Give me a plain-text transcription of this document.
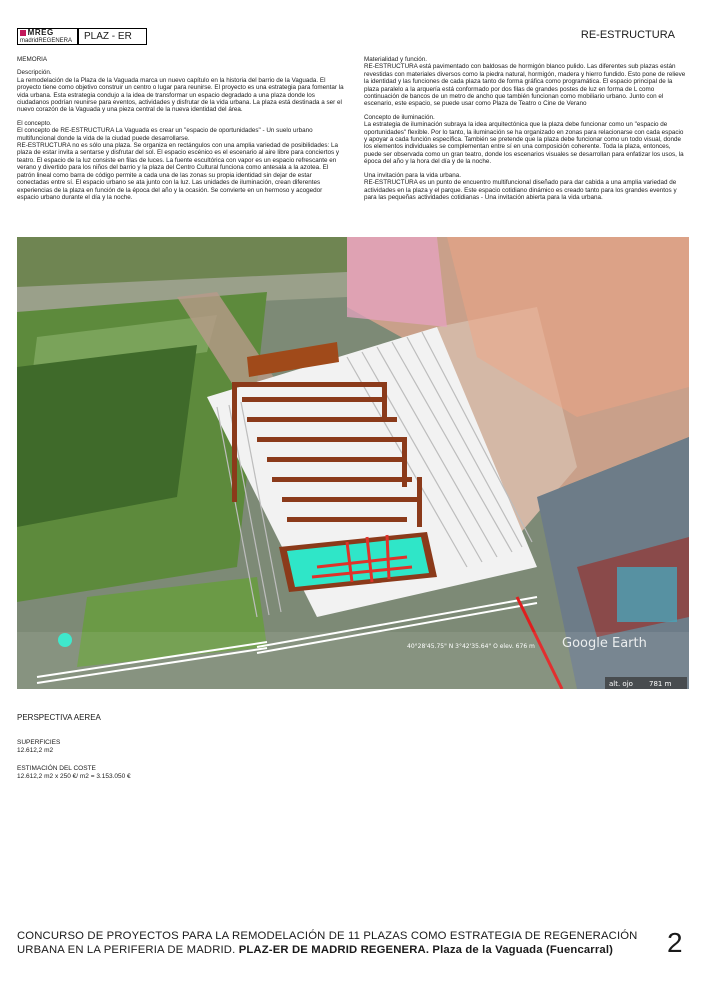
MREG
madridREGENERA	PLAZ - ER	RE-ESTRUCTURA

MEMORIA

Descripción.
La remodelación de la Plaza de la Vaguada marca un nuevo capítulo en la historia del barrio de la Vaguada. El proyecto tiene como objetivo construir un centro o lugar para reunirse. El proyecto es una estrategia para fomentar la vida urbana. Esta estrategia condujo a la idea de transformar un espacio degradado a una plaza donde los ciudadanos podrían reunirse para eventos, actividades y disfrutar de la vida urbana. La plaza está destinada a ser el nuevo corazón de la Vaguada y una pieza central de la nueva identidad del área.

El concepto.
El concepto de RE-ESTRUCTURA La Vaguada es crear un "espacio de oportunidades" - Un suelo urbano multifuncional donde la vida de la ciudad puede desarrollarse.
RE-ESTRUCTURA no es sólo una plaza. Se organiza en rectángulos con una amplia variedad de posibilidades: La plaza de estar invita a sentarse y disfrutar del sol. El espacio escénico es el escenario al aire libre para conciertos y teatro. El espacio de la luz consiste en filas de luces. La fuente escultórica con vapor es un espacio refrescante en verano y divertido para los niños del barrio y la plaza del Centro Cultural funciona como antesala a la azotea. El patrón lineal como barra de código permite a cada una de las zonas su propia identidad sin dejar de estar conectadas entre sí. El espacio urbano se ata junto con la luz. Las unidades de iluminación, crean diferentes experiencias de la plaza en función de la época del año y la ocasión. Se convierte en un hermoso y acogedor espacio urbano durante el día y la noche.

Materialidad y función.
RE-ESTRUCTURA está pavimentado con baldosas de hormigón blanco pulido. Las diferentes sub plazas están revestidas con materiales diversos como la piedra natural, hormigón, madera y hierro fundido. Esto pone de relieve la identidad y las funciones de cada plaza tanto de forma gráfica como programática. El espacio principal de la plaza paralelo a la arquería está conformado por dos filas de grandes postes de luz en forma de L como continuación de bancos de un metro de ancho que también funcionan como mobiliario urbano. Junto con el escenario, este espacio, se puede usar como Plaza de Teatro o Cine de Verano

Concepto de iluminación.
La estrategia de iluminación subraya la idea arquitectónica que la plaza debe funcionar como un "espacio de oportunidades" flexible. Por lo tanto, la iluminación se ha organizado en zonas para relacionarse con cada espacio y apoyar a cada función específica. También se pretende que la plaza debe funcionar como un todo visual, donde los elementos individuales se complementan entre sí en una composición coherente. Toda la plaza, entonces, puede ser observada como un gran teatro, donde los escenarios visuales se desarrollan para enfatizar los usos, la época del año y la hora del día y de la noche.

Una invitación para la vida urbana.
RE-ESTRUCTURA es un punto de encuentro multifuncional diseñado para dar cabida a una amplia variedad de actividades en la plaza y el parque. Este espacio cotidiano dinámico es creado tanto para los grandes eventos y para las pequeñas actividades cotidianas - Una invitación abierta para la vida urbana.

Google Earth
40°28'45.75" N 3°42'35.64" O elev. 676 m
alt. ojo 781 m
PERSPECTIVA AEREA

SUPERFICIES
12.612,2 m2

ESTIMACIÓN DEL COSTE
12.612,2 m2 x 250 €/ m2 = 3.153.050 €

CONCURSO DE PROYECTOS PARA LA REMODELACIÓN DE 11 PLAZAS COMO ESTRATEGIA DE REGENERACIÓN
URBANA EN LA PERIFERIA DE MADRID. PLAZ-ER DE MADRID REGENERA. Plaza de la Vaguada (Fuencarral)	2
